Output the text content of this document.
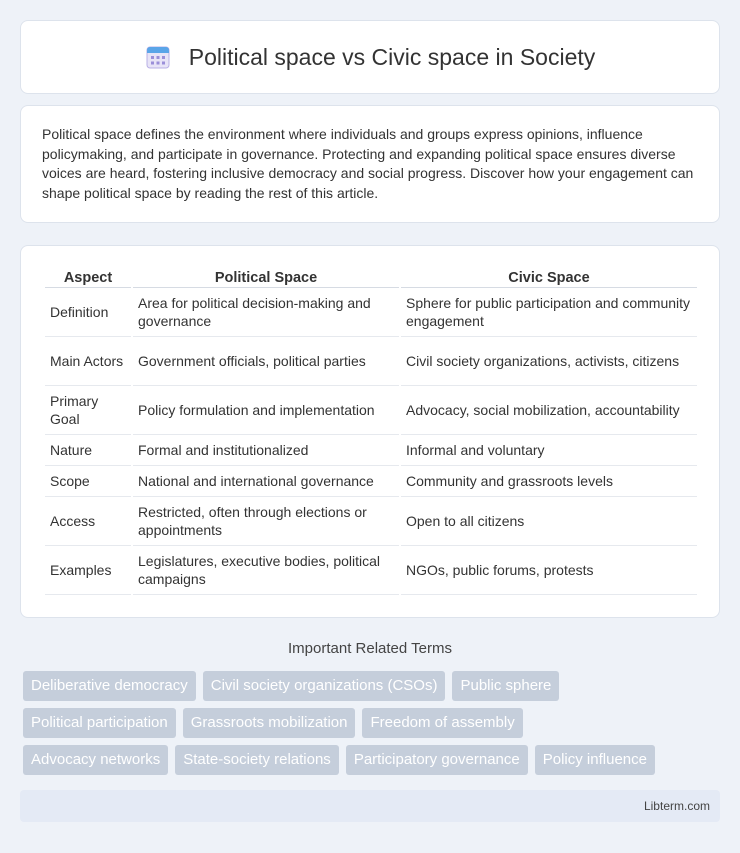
Political space vs Civic space in Society

Political space defines the environment where individuals and groups express opinions, influence policymaking, and participate in governance. Protecting and expanding political space ensures diverse voices are heard, fostering inclusive democracy and social progress. Discover how your engagement can shape political space by reading the rest of this article.

Aspect	Political Space	Civic Space
Definition	Area for political decision-making and governance	Sphere for public participation and community engagement
Main Actors	Government officials, political parties	Civil society organizations, activists, citizens
Primary Goal	Policy formulation and implementation	Advocacy, social mobilization, accountability
Nature	Formal and institutionalized	Informal and voluntary
Scope	National and international governance	Community and grassroots levels
Access	Restricted, often through elections or appointments	Open to all citizens
Examples	Legislatures, executive bodies, political campaigns	NGOs, public forums, protests
Important Related Terms
Deliberative democracy	Civil society organizations (CSOs)	Public sphere
Political participation	Grassroots mobilization	Freedom of assembly
Advocacy networks	State-society relations	Participatory governance	Policy influence
Libterm.com
